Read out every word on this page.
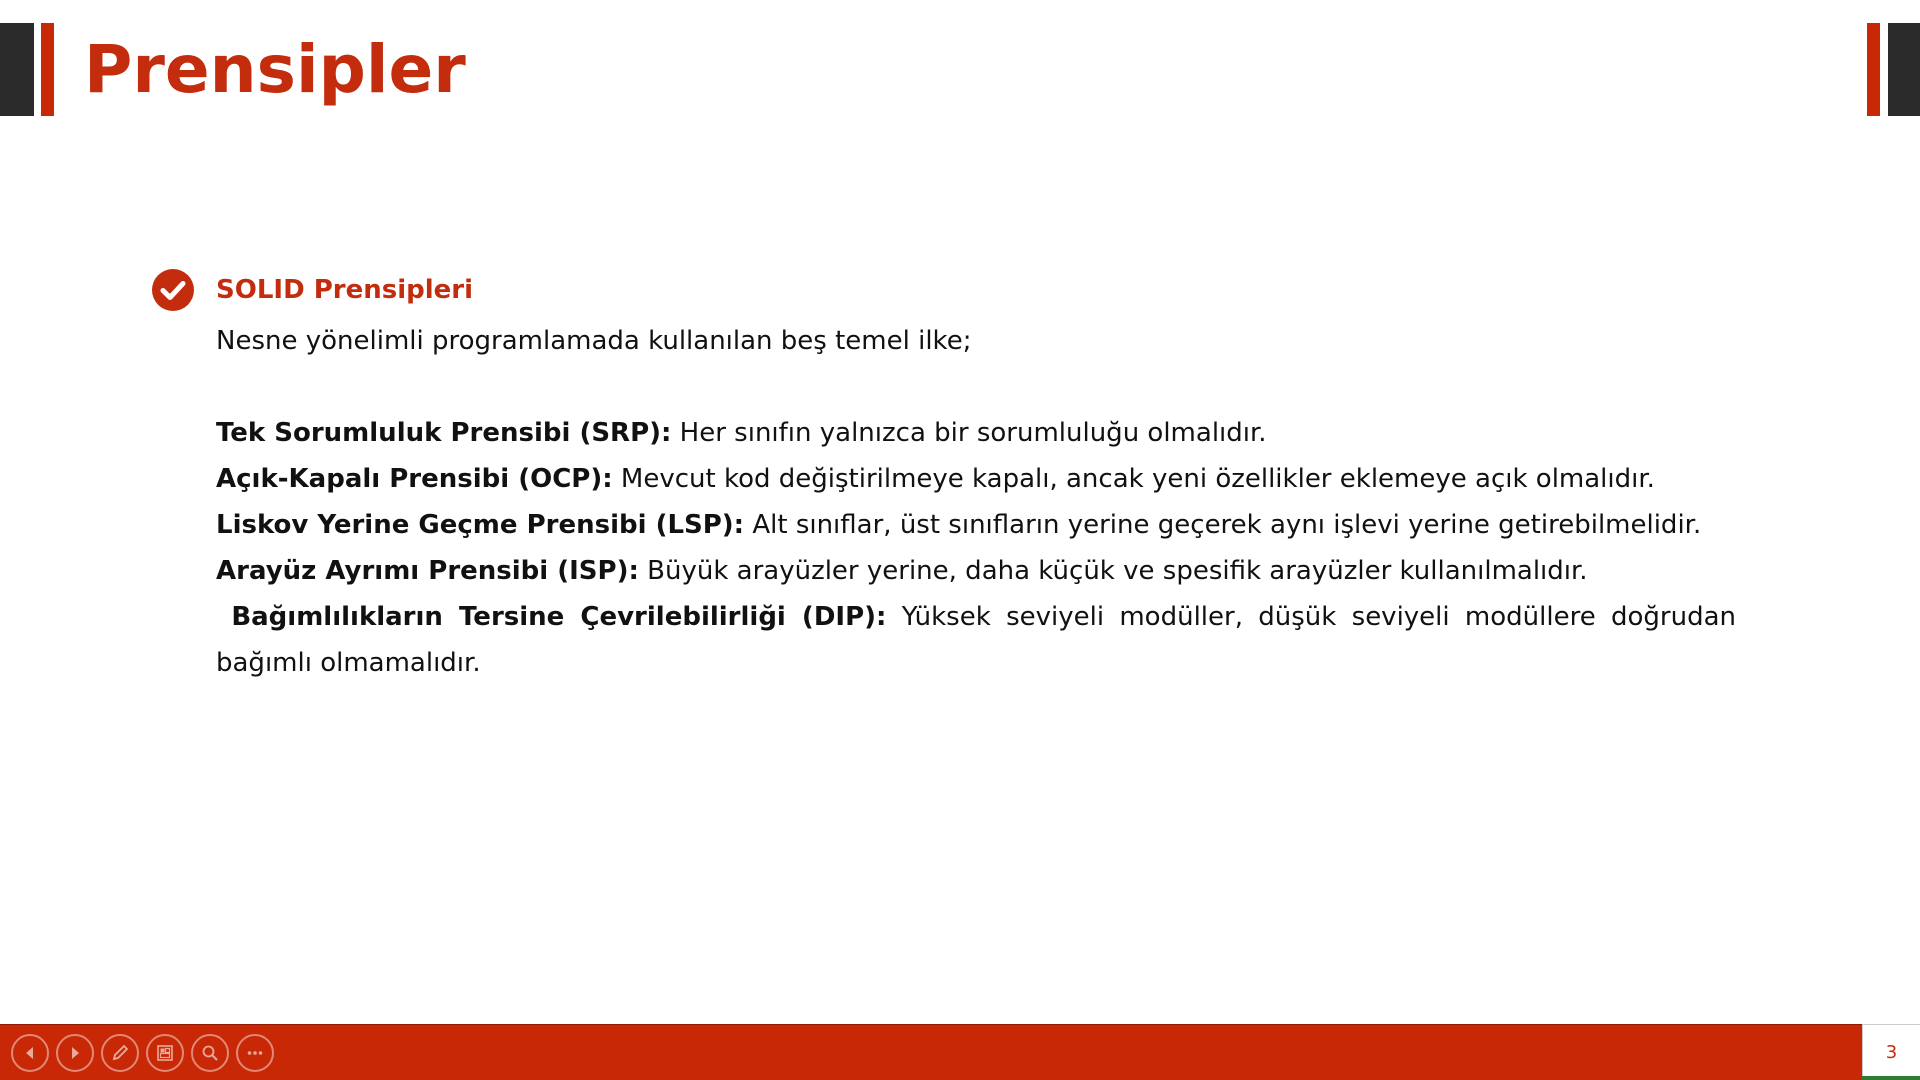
Prensipler
SOLID Prensipleri
Nesne yönelimli programlamada kullanılan beş temel ilke;
Tek Sorumluluk Prensibi (SRP): Her sınıfın yalnızca bir sorumluluğu olmalıdır.
Açık-Kapalı Prensibi (OCP): Mevcut kod değiştirilmeye kapalı, ancak yeni özellikler eklemeye açık olmalıdır.
Liskov Yerine Geçme Prensibi (LSP): Alt sınıflar, üst sınıfların yerine geçerek aynı işlevi yerine getirebilmelidir.
Arayüz Ayrımı Prensibi (ISP): Büyük arayüzler yerine, daha küçük ve spesifik arayüzler kullanılmalıdır.
Bağımlılıkların Tersine Çevrilebilirliği (DIP): Yüksek seviyeli modüller, düşük seviyeli modüllere doğrudan bağımlı olmamalıdır.
3
